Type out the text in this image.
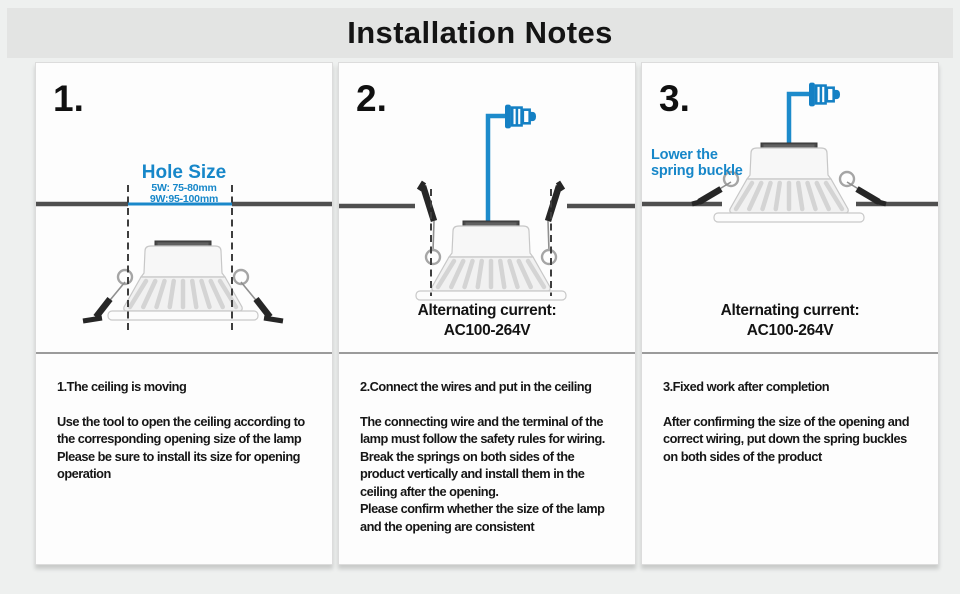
Installation Notes
1.
Hole Size
5W: 75-80mm
9W:95-100mm

1.The ceiling is moving

Use the tool to open the ceiling according to the corresponding opening size of the lamp

Please be sure to install its size for opening operation

2.
Alternating current:
AC100-264V

2.Connect the wires and put in the ceiling

The connecting wire and the terminal of the lamp must follow the safety rules for wiring. Break the springs on both sides of the product vertically and install them in the ceiling after the opening.

Please confirm whether the size of the lamp and the opening are consistent

3.
Lower the
spring buckle
Alternating current:
AC100-264V

3.Fixed work after completion

After confirming the size of the opening and correct wiring, put down the spring buckles on both sides of the product
